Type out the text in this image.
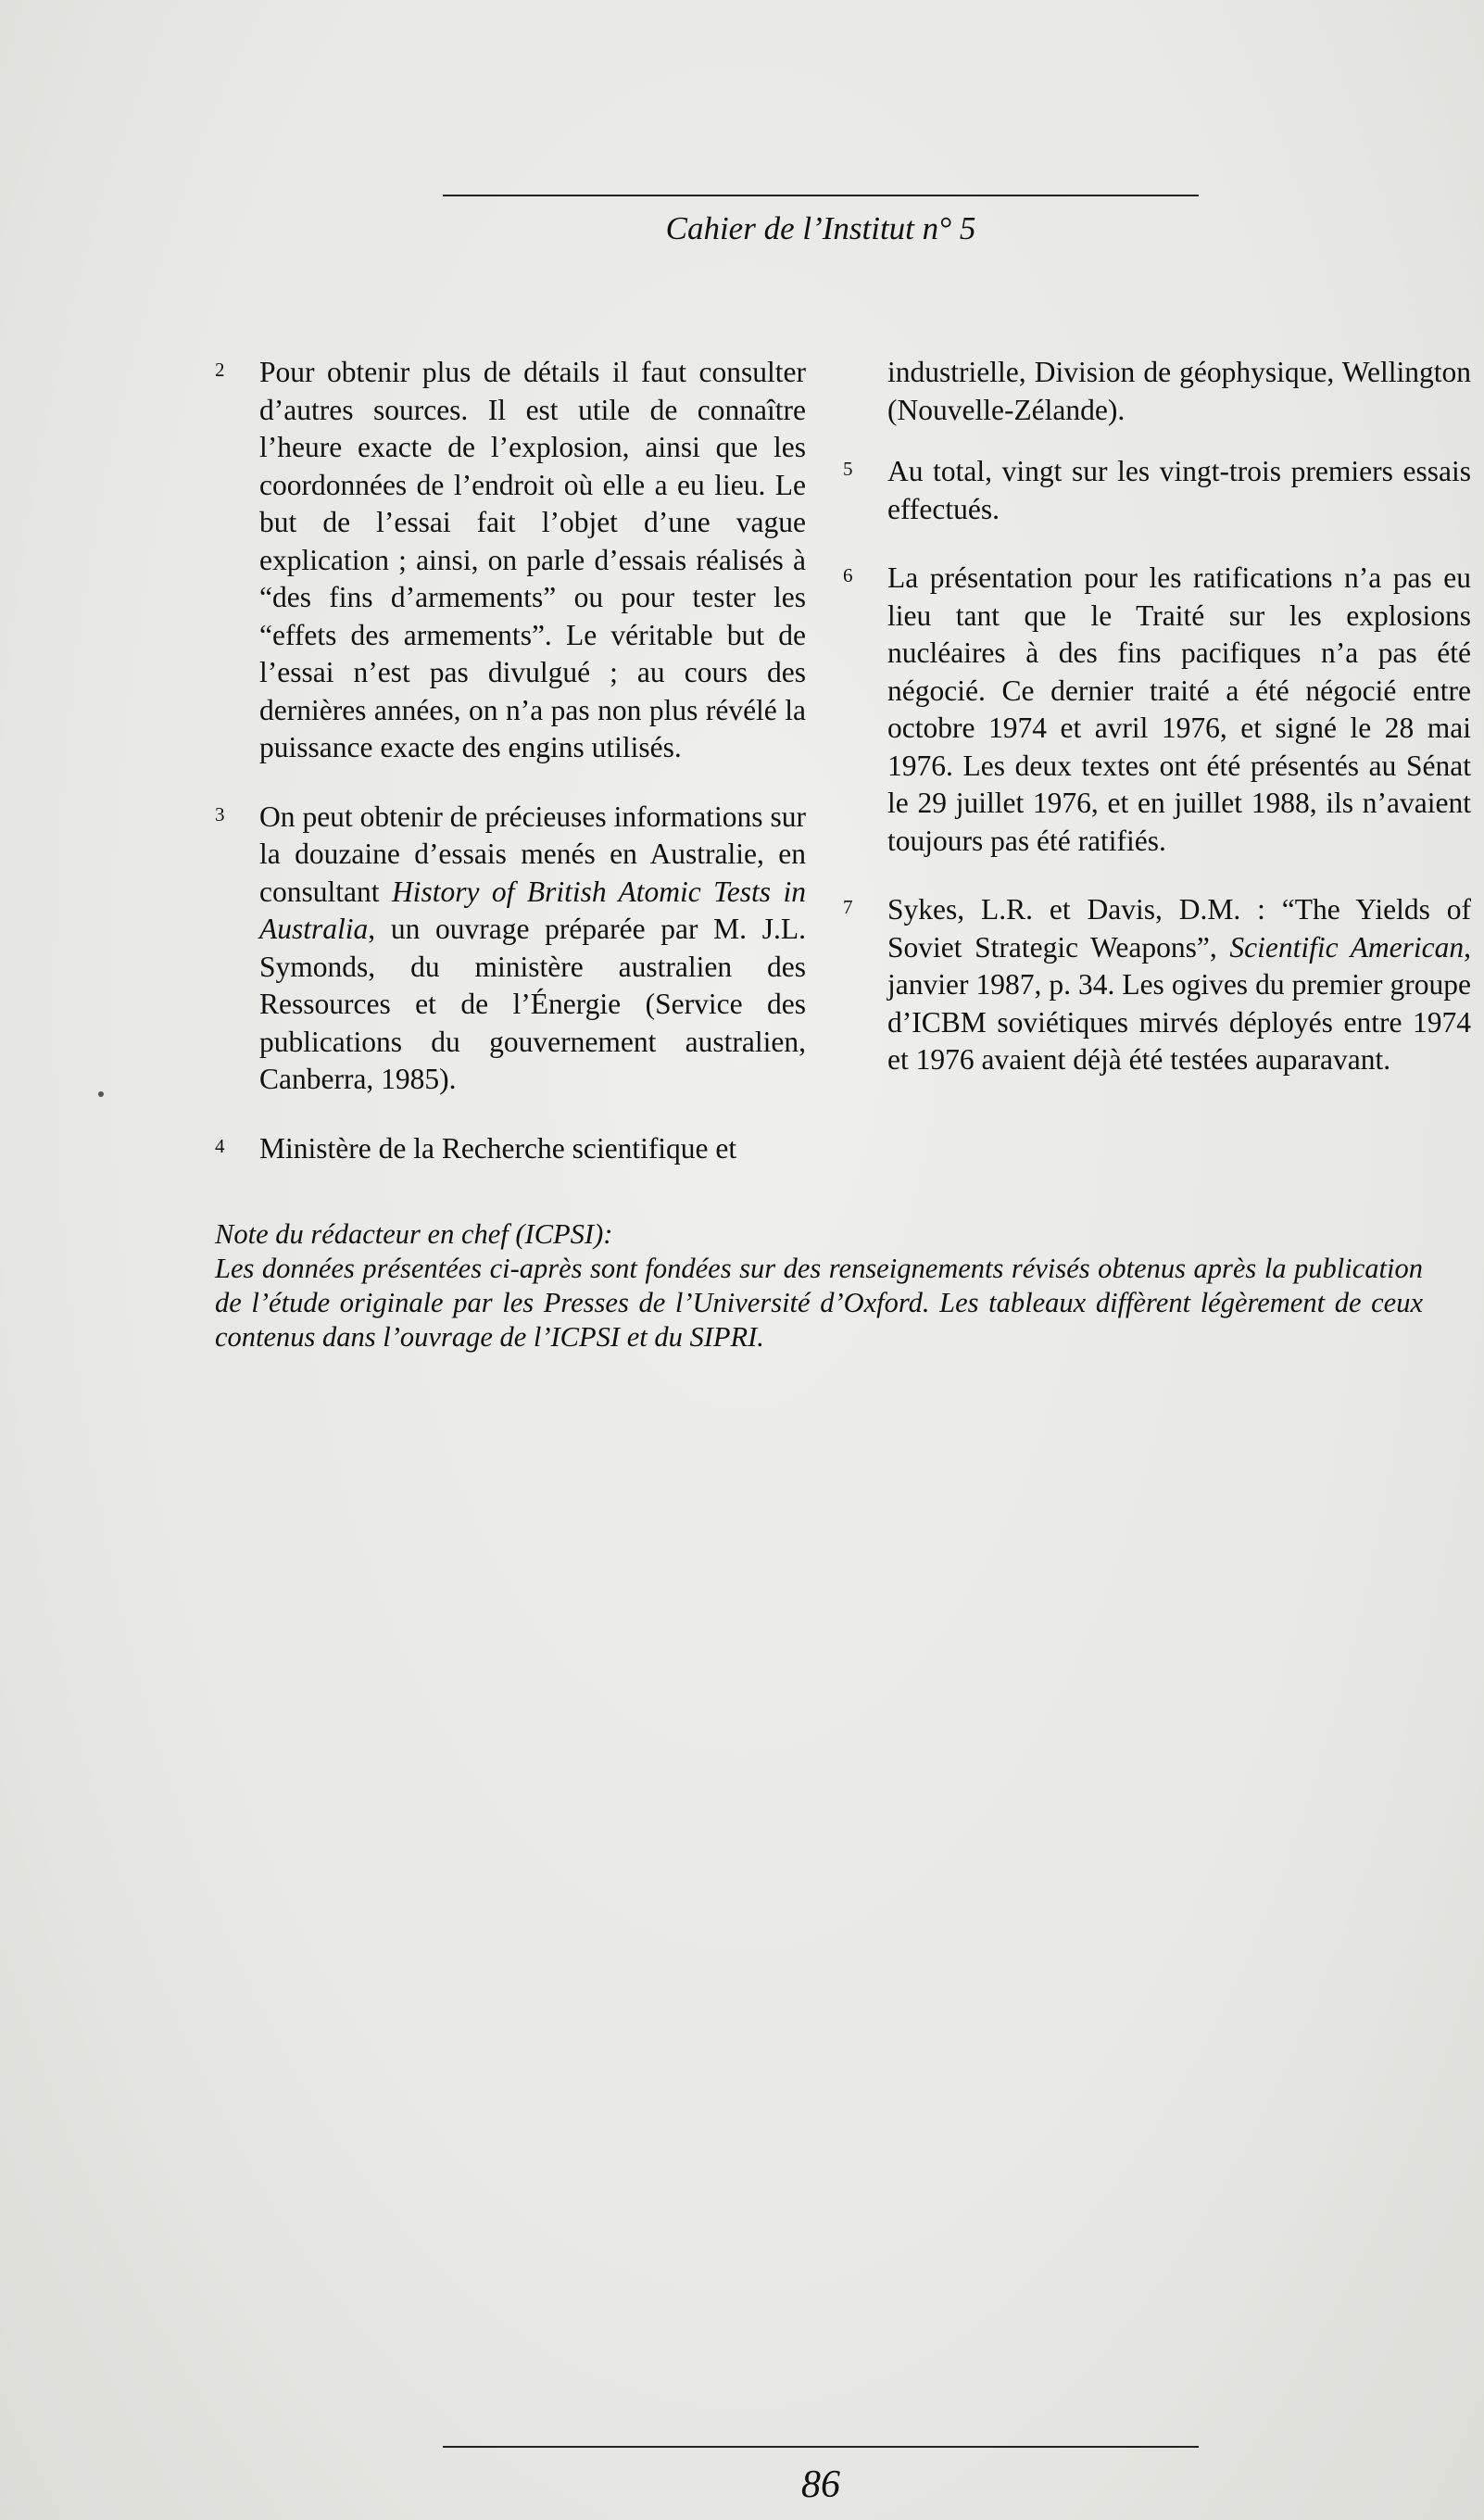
Cahier de l’Institut n° 5
2	Pour obtenir plus de détails il faut consulter d’autres sources. Il est utile de connaître l’heure exacte de l’explosion, ainsi que les coordonnées de l’endroit où elle a eu lieu. Le but de l’essai fait l’objet d’une vague explication ; ainsi, on parle d’essais réalisés à “des fins d’armements” ou pour tester les “effets des armements”. Le véritable but de l’essai n’est pas divulgué ; au cours des dernières années, on n’a pas non plus révélé la puissance exacte des engins utilisés.
3	On peut obtenir de précieuses informations sur la douzaine d’essais menés en Australie, en consultant History of British Atomic Tests in Australia, un ouvrage préparée par M. J.L. Symonds, du ministère australien des Ressources et de l’Énergie (Service des publications du gouvernement australien, Canberra, 1985).
4	Ministère de la Recherche scientifique et
industrielle, Division de géophysique, Wellington (Nouvelle-Zélande).
5	Au total, vingt sur les vingt-trois premiers essais effectués.
6	La présentation pour les ratifications n’a pas eu lieu tant que le Traité sur les explosions nucléaires à des fins pacifiques n’a pas été négocié. Ce dernier traité a été négocié entre octobre 1974 et avril 1976, et signé le 28 mai 1976. Les deux textes ont été présentés au Sénat le 29 juillet 1976, et en juillet 1988, ils n’avaient toujours pas été ratifiés.
7	Sykes, L.R. et Davis, D.M. : “The Yields of Soviet Strategic Weapons”, Scientific American, janvier 1987, p. 34. Les ogives du premier groupe d’ICBM soviétiques mirvés déployés entre 1974 et 1976 avaient déjà été testées auparavant.
Note du rédacteur en chef (ICPSI):
Les données présentées ci-après sont fondées sur des renseignements révisés obtenus après la publication de l’étude originale par les Presses de l’Université d’Oxford. Les tableaux diffèrent légèrement de ceux contenus dans l’ouvrage de l’ICPSI et du SIPRI.
86
